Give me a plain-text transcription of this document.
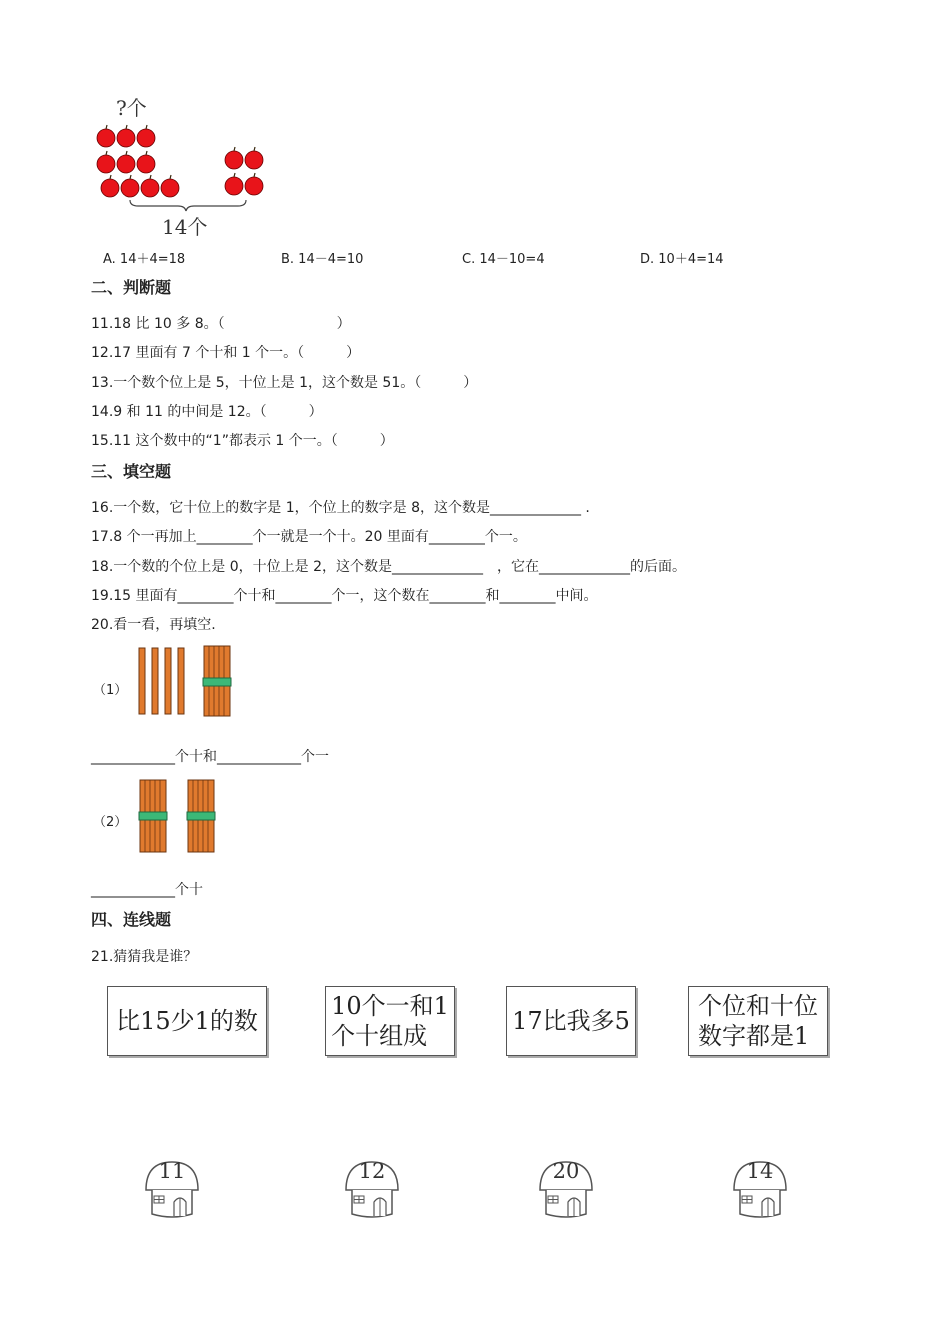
?个
14个
A. 14＋4=18	B. 14－4=10	C. 14－10=4	D. 10＋4=14
二、判断题
11.18 比 10 多 8。（　　　　　　　　）
12.17 里面有 7 个十和 1 个一。（　　　）
13.一个数个位上是 5，十位上是 1，这个数是 51。（　　　）
14.9 和 11 的中间是 12。（　　　）
15.11 这个数中的“1”都表示 1 个一。（　　　）
三、填空题
16.一个数，它十位上的数字是 1，个位上的数字是 8，这个数是_____________ .
17.8 个一再加上________个一就是一个十。20 里面有________个一。
18.一个数的个位上是 0，十位上是 2，这个数是_____________　，它在_____________的后面。
19.15 里面有________个十和________个一，这个数在________和________中间。
20.看一看，再填空.
（1）
____________个十和____________个一
（2）
____________个十
四、连线题
21.猜猜我是谁？
比15少1的数
10个一和1
个十组成
17比我多5
个位和十位
数字都是1
11	12	20	14
